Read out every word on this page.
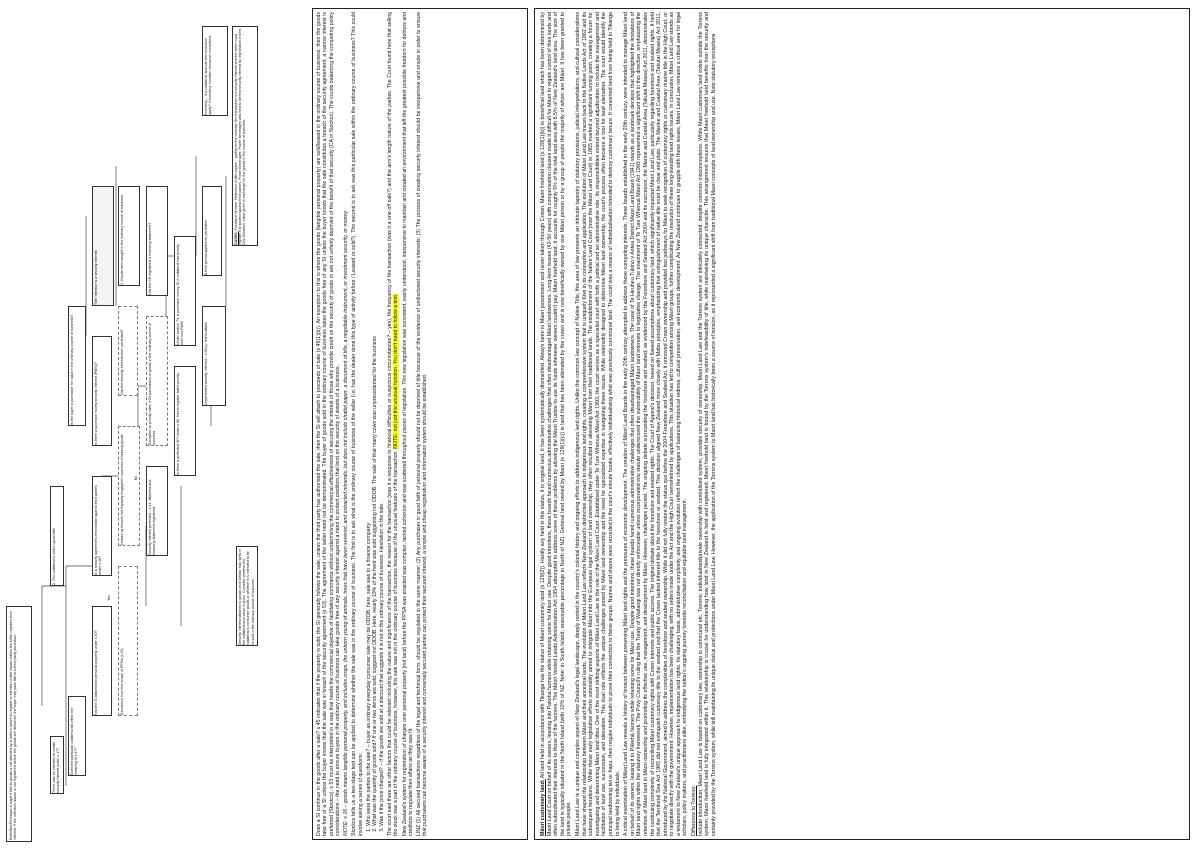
Retention/Romalpa: A buyer's title to goods is not affected by a seller's failure to register a retention of title clause unless the seller registers their interest. If the retention clause is not registered before the goods are delivered, the buyer may pass title to a third party purchaser.	There was an intention to create security interest under s 17?	Does the particular collateral fall within the meaning of s 17?
Has the SI attached to personal property under s 40?
Is a security agreement enforceable against third parties under s 36?
Exclusions from the scope of PPSA (s 23)
Leases by lessors not regularly engaged in business of leasing goods	Security interest perfected – s 41: attached and financing statement registered
Exception to priority rules: s 53 purchasers of goods in the ordinary course of business	Is there a perfected SI? Under s 66, first to register takes priority
Under section 73, a purchase money SI in collateral has priority over non-PMSI	Unperfected security interest – s 66(c): first to attach
A time period applies for perfection
Has the security interest been perfected?
Is there a purchase money security interest (PMSI)?
Is the buyer a purchaser for value in the ordinary course of business?
Has the SP registered a financing statement?
Title retention is a security interest	1. Goods were bought in the ordinary course of business
2. The collateral is sold in good faith	Security interest attaches to goods once Debtor has rights in the collateral and value is given. Consider whether the collateral is consumer goods or whether it is intended to be re-sold in the ordinary course of business.
Inventory – is it collateral, and can this exclusion apply? If inventory, consider consumer exceptions.
CASES: Fiordland Venison: Retention of title clause – parties to the contract; the transaction is a security interest and the seller must register it to protect against third parties. Power Beverages: Power Beverages was held to perfect security interest by registration in time. Orix Goodwin: value given in exchange for the goods in the course of business.
Yes
No	Does a SI continue in the goods after a sale? s 45 indicates that if the property is sold, the SI generally follows the sale, unless the third party has authorised the sale, then the SI will attach to proceeds of sale (s 45(1)(b)). An exception to this is where the goods (tangible personal property) are sold/leased in the ordinary course of business, then the goods take free of a SI unless the buyer knows that the sale was in breach of the security agreement (s 53). The agreement of the seller need not be demonstrated. The buyer of goods sold in the ordinary course of business takes the goods free of any SI unless the buyer knows that the sale constitutes a breach of the security agreement, a narrow interest is preferred (Stockco). s 53 must be interpreted in a way that meets the commercial objective of facilitating commerce without undermining the commercial effectiveness of securing the interest of those who provide credit on the security of goods or are not unfairly deprived of the benefit of that security (CA in Stockco). The courts balancing the competing policy considerations – the need to ensure buyers in the ordinary course of business can take goods free of any security interest against a need to protect creditors that lend on the security of assets of a business. NOTE: s 16 – goods means tangible personal property, and includes crops, the unborn young of animals, trees that have been severed, and extracted minerals, but does not include chattel paper, a document of title, a negotiable instrument, or investment security, or money. Stockco tells us a two-stage test can be applied to determine whether the sale was in the ordinary course of business. The first is to ask what is the ordinary course of business of the seller (i.e. has the dealer done this type of activity before / Leased or sold?). The second is to ask was this particular sale within the ordinary course of business? This could involve asking a series of questions: 1. Who were the parties to the sale? – buyer as ordinary everyday consumer sale may be ODOB, here, sale was to a finance company 2. What was the quantity of goods sold? If one or two items are sold, suggest not ODOB. Here, nearly 19% of the herd was sold suggesting not ODOB. The sale of that many cows was unprecedented for the business 3. Was it the price charged? – if the goods are sold at a discount that suggests it is not in the ordinary course of business. Hesitation in the sale. The court said there are other factors that could be relevant including the nature and significance of the transaction, the reason for the transaction (was it a response to financial difficulties or suspicious circumstances? – yes), the frequency of the transaction (was it a one-off sale?) and the arm's length nature of the parties. The Court found here that selling the stock was a part of the ordinary course of business, however, this sale was not in the ordinary course of business because of the unusual features of the transaction. NOTE: not just the unusual function. You don't need to follow a test. New Zealand's system for registration of charges over personal property (not land) before the PPSA was enacted was complex, lacked cohesion and was scattered throughout pieces of legislation. This new legislation was consistent, easily understood, inexpensive to maintain and created an environment that left the greatest possible freedom for debtors and creditors to regulate their affairs as they saw fit. LINZ (1) All secured transactions regardless of the legal and technical form, should be regulated in the same manner; (2) Any purchaser in good faith of personal property should not be deprived of title because of the existence of undisclosed security interests; (3) The process of creating security interest should be inexpensive and simple in order to ensure that purchasers can become aware of a security interest and conversely secured parties can protect their secured interest, a simple and cheap registration and information system should be established.	Māori customary land: All land held in accordance with Tikanga has the status of Maori customary land (s 129(2)). Hardly any held in this status, it is original land, it has been systematically dismantled. Always been in Maori possession and never taken through Crown. Maori freehold land (s 129(1)(b)) is beneficial land which has been determined by Maori Land Court on behalf of its owners, leasing into Pakeha farmers while retaining some for Māori use. Despite good intentions, these boards faced numerous administrative challenges that often disadvantaged Māori landowners. Long-term leases (42-50 years) with compensation clauses made it difficult for Māori to regain control of their lands and often subordinated their interests to those of the farmers. The Māori Vested Lands Administration Act 1954 attempted to address some of these problems by allowing the Māori Trustee to use its funds whenever owners couldn't pay. Māori freehold land: it accounts for roughly 5% of the total land area with 6.5% of New Zealand's land area. The size of the land is typically situated in the North Island (with 10% of NZ. Note: in South Island, reasonable percentage in North of NZ). General land owned by Maori (s 129(1)(c)) is land that has been alienated by the crown and is now beneficially owned by one Māori person or by a group of people the majority of whom are Māori. It has been granted to private people. Māori Land Law is a unique and complex aspect of New Zealand's legal landscape, deeply rooted in the country's colonial history and ongoing efforts to address indigenous land rights. Unlike the common law concept of Native Title, this area of law presents an intricate tapestry of statutory provisions, judicial interpretations, and cultural considerations that have shaped the relationship between Māori and their ancestral lands. The evolution of Māori Land Law reflects New Zealand's distinctive approach to indigenous land rights, creating a comprehensive system that is uniquely Kiwi in its conception and application. The evolution of Māori Land Law traces back to the Native Lands Act of 1862 and its subsequent iterations. While these early legislative efforts ostensibly aimed to integrate Māori into the European legal system of land ownership, they often resulted in alienating Māori from their traditional lands. The establishment of the Native Land Court (now the Māori Land Court) in 1865 marked a significant turning point, creating a forum for investigating and determining Māori land titles. One of the most striking aspects of Māori Land Law is the role of the Māori Land Court. Established under Te Ture Whenua Māori Act 1993, the court serves as a specialist court with both a judicial and an administrative role. Its responsibilities extend beyond adjudication to include the management and facilitation of land use, succession, and alienation. This dual role reflects the unique challenges posed by Māori land ownership and the need for specialized expertise in navigating these issues. While ostensibly designed to determine Māori land ownership, the court's process often became a tool for land alienation. The court would identify the principal landowning iwi or hapu, then require individuals to prove their connection to these groups. Names and shares were recorded in the court's minute books, effectively individualising what was previously communal land. The court was a means of individualisation intended to destroy customary tenure. It converted land from being held in Tikanga to being held by individuals. A critical examination of Māori Land Law reveals a history of tension between preserving Māori land rights and the pressures of economic development. The creation of Māori Land Boards in the early 20th century attempted to address these competing interests. These boards established in the early 20th century, were intended to manage Māori land on behalf of its owners, leasing it to Pākehā farmers while retaining some for Māori use. Despite good intentions, these boards faced numerous administrative challenges that often disadvantaged Māori landowners. The case of Te Heuheu Tukino v Aotea District Maori Land Board (1941) stands as a landmark decision that highlighted the limitations of Māori land rights within the statutory framework. The Privy Council's ruling that the Treaty of Waitangi was not directly enforceable unless incorporated into statute underscored the vulnerability of Māori land interests to legislative change. The enactment of Te Ture Whenua Māori Act 1993 represented a significant shift in this direction, emphasizing the retention of Māori land in Māori ownership and promoting its effective use, management, and development by Māori. However, challenges persist. The ongoing debate surrounding the foreshore and seabed, as evidenced by the Foreshore and Seabed Act 2004 and its successor, the Marine and Coastal Area (Takutai Moana) Act 2011, demonstrates the continuing complexity of reconciling Māori customary rights with Crown interests and public access. The original debate about the foreshore and seabed rights. The Court of Appeal's decision, based on flawed assumptions about customary land, which significantly impacted Māori Land Law, particularly regarding foreshore and seabed rights. It held that the Territorial Sea Act 1965 did not extinguish customary title to the seabed and that the Crown lacked inherent title to the foreshore or seabed. This decision aligned New Zealand more closely with Mabo principles, emphasizing that extinguishment of native title must be clear and plain. The Marine and Coastal Area (Takutai Moana) Act 2011, introduced by the National Government, aimed to address the complexities of foreshore and seabed ownership. While it did not fully restore the status quo before the 2004 Foreshore and Seabed Act, it removed Crown ownership and provided two pathways for Māori to seek recognition of customary rights or customary marine title in the High Court, or to negotiate directly with the government. However, implementation has been challenging, with no orders made under the Act and the High Court overwhelmed by applications. This situation has led to competition among Māori groups, further complicating the resolution of these long-standing land rights issues. In conclusion, Māori Land Law stands as a testament to New Zealand's unique approach to indigenous land rights. Its statutory basis, administrative complexity, and ongoing evolution reflect the challenges of balancing historical redress, cultural preservation, and economic development. As New Zealand continues to grapple with these issues, Māori Land Law remains a critical area for legal scholars, policy makers, and practitioners alike, embodying the nation's ongoing journey towards reconciliation and equitable land management. Difference to Torrens:
Include introduction: Maori Land Law is based on customary law, ownership is communal etc. Torrens: individualised/private ownership with centralised system, provides security of ownership. Maori Land Law and the Torrens system are intricately connected, despite common misconceptions. While Maori customary land exists outside the Torrens system, Maori freehold land is fully integrated within it. This relationship is crucial for understanding how land in New Zealand is held and registered. Maori freehold land is bound by the Torrens system's indefeasibility of title, while maintaining its unique character. This arrangement ensures that Maori freehold land benefits from the security and certainty provided by the Torrens system, while still maintaining its unique status and protections under Maori Land Law. However, the application of the Torrens system to Maori land has historically been a source of tension, as it represented a significant shift from traditional Maori concepts of land ownership and use. Note statutory exceptions
